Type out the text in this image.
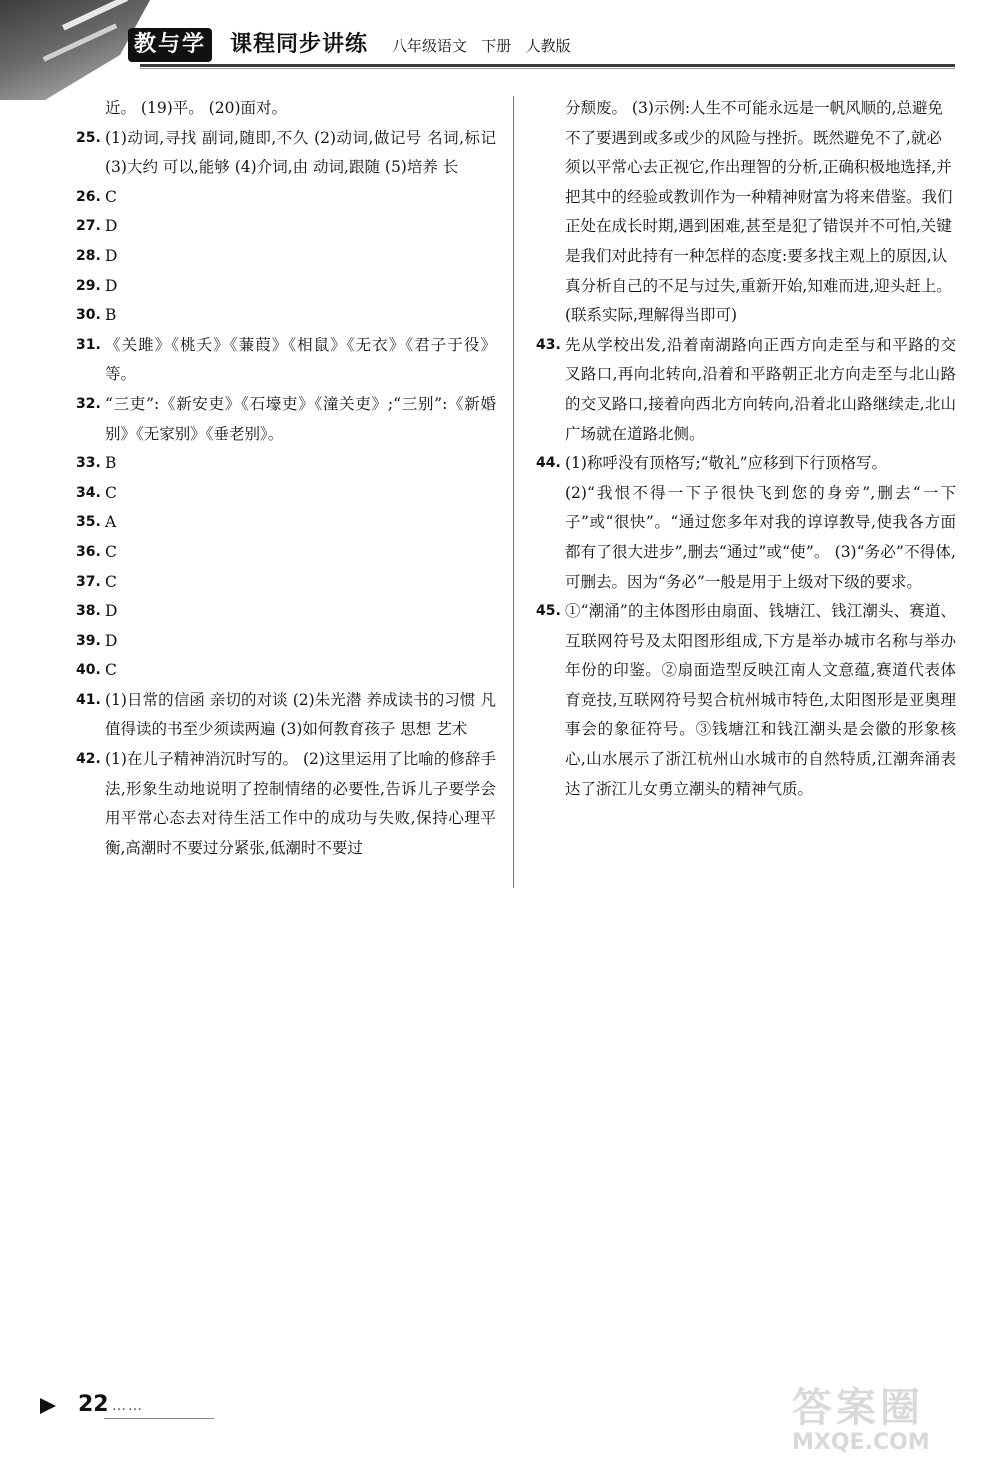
教与学 课程同步讲练 八年级语文   下册   人教版

近。 (19)平。 (20)面对。

25. (1)动词,寻找 副词,随即,不久 (2)动词,做记号 名词,标记 (3)大约 可以,能够 (4)介词,由 动词,跟随 (5)培养 长

26. C

27. D

28. D

29. D

30. B

31. 《关雎》《桃夭》《蒹葭》《相鼠》《无衣》《君子于役》等。

32. “三吏”:《新安吏》《石壕吏》《潼关吏》;“三别”:《新婚别》《无家别》《垂老别》。

33. B

34. C

35. A

36. C

37. C

38. D

39. D

40. C

41. (1)日常的信函 亲切的对谈 (2)朱光潜 养成读书的习惯 凡值得读的书至少须读两遍 (3)如何教育孩子 思想 艺术

42. (1)在儿子精神消沉时写的。 (2)这里运用了比喻的修辞手法,形象生动地说明了控制情绪的必要性,告诉儿子要学会用平常心态去对待生活工作中的成功与失败,保持心理平衡,高潮时不要过分紧张,低潮时不要过

分颓废。 (3)示例:人生不可能永远是一帆风顺的,总避免不了要遇到或多或少的风险与挫折。既然避免不了,就必须以平常心去正视它,作出理智的分析,正确积极地选择,并把其中的经验或教训作为一种精神财富为将来借鉴。我们正处在成长时期,遇到困难,甚至是犯了错误并不可怕,关键是我们对此持有一种怎样的态度:要多找主观上的原因,认真分析自己的不足与过失,重新开始,知难而进,迎头赶上。(联系实际,理解得当即可)

43. 先从学校出发,沿着南湖路向正西方向走至与和平路的交叉路口,再向北转向,沿着和平路朝正北方向走至与北山路的交叉路口,接着向西北方向转向,沿着北山路继续走,北山广场就在道路北侧。

44. (1)称呼没有顶格写;“敬礼”应移到下行顶格写。

(2)“我恨不得一下子很快飞到您的身旁”,删去“一下子”或“很快”。“通过您多年对我的谆谆教导,使我各方面都有了很大进步”,删去“通过”或“使”。 (3)“务必”不得体,可删去。因为“务必”一般是用于上级对下级的要求。

45. ①“潮涌”的主体图形由扇面、钱塘江、钱江潮头、赛道、互联网符号及太阳图形组成,下方是举办城市名称与举办年份的印鉴。②扇面造型反映江南人文意蕴,赛道代表体育竞技,互联网符号契合杭州城市特色,太阳图形是亚奥理事会的象征符号。③钱塘江和钱江潮头是会徽的形象核心,山水展示了浙江杭州山水城市的自然特质,江潮奔涌表达了浙江儿女勇立潮头的精神气质。

22 ……	答案圈
MXQE.COM
